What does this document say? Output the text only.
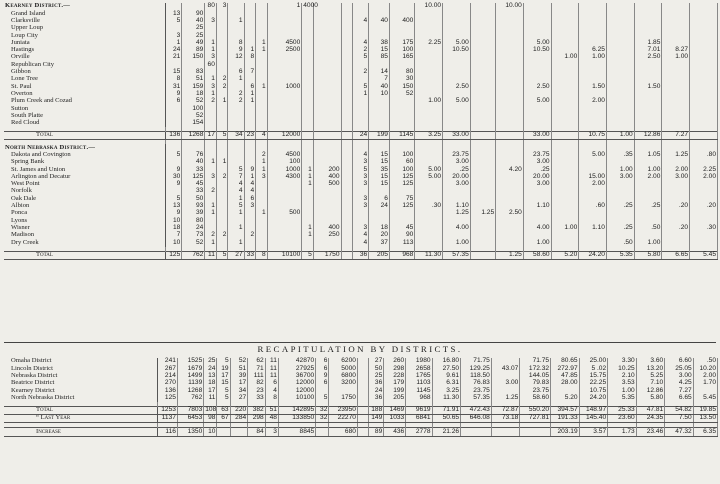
Kearney District.—			80	3				1	4000						10.00			10.00							
Grand Island	13	90																							
Clarksville	5	40	3		1							4	40	400											
Upper Loup		25																							
Loup City	3	25																							
Juniata	1	49	1		8		1	4500				4	38	175	2.25	5.00			5.00				1.85		
Hastings	24	89	1		9	1	1	2500				2	15	100		10.50			10.50		6.25		7.01	8.27	
Orville	21	150	3		12	8						5	85	165						1.00	1.00		2.50	1.00	
Republican City			60																						
Gibbon	15	83			6	7						2	14	80											
Lone Tree	8	51	1	2	1								7	30											
St. Paul	31	159	3	2		6	1	1000				5	40	150		2.50			2.50		1.50		1.50		
Overton	9	18	1		2	1						1	10	52											
Plum Creek and Cozad	6	52	2	1	2	1									1.00	5.00			5.00		2.00				
Sutton		100																							
South Platte		52																							
Red Cloud		154																							

Total	136	1268	17	5	34	23	4	12000				24	199	1145	3.25	33.00			33.00		10.75	1.00	12.86	7.27	

North Nebraska District.—																									
Dakota and Covington	5	76					2	4500				4	15	100		23.75			23.75		5.00	.35	1.05	1.25	.80
Spring Bank		40	1	1			1	100				3	15	60		3.00			3.00						
St. James and Union	9	33			5	9	1	1000	1	200		5	35	100	5.00	.25		4.20	.25			1.00	1.00	2.00	2.25
Arlington and Decatur	30	125	3	2	7	1	3	4300	1	400		3	15	125	5.00	20.00			20.00		15.00	3.00	2.00	3.00	2.00
West Point	9	45			4	4			1	500		3	15	125		3.00			3.00		2.00				
Norfolk		33	2		4	4																			
Oak Dale	5	50			1	6						3	6	75											
Albion	13	93	1		5	3						3	24	125	.30	1.10			1.10		.60	.25	.25	.20	.20
Ponca	9	39	1		1		1	500								1.25	1.25	2.50							
Lyons	10	80																							
Wisner	18	24			1				1	400		3	18	45		4.00			4.00	1.00	1.10	.25	.50	.20	.30
Madison	7	73	2	2		2			1	250		4	20	90											
Dry Creek	10	52	1		1							4	37	113		1.00			1.00			.50	1.00		

Total	125	762	11	5	27	33	8	10100	5	1750		36	205	968	11.30	57.35		1.25	58.60	5.20	24.20	5.35	5.80	6.65	5.45
RECAPITULATION BY DISTRICTS.
Omaha District	241	1525	25	5	52	62	11	42870	6	6200		27	260	1980	16.80	71.75		71.75	80.65	25.00	3.30	3.60	6.60	.50
Lincoln District	267	1679	24	19	51	71	11	27925	6	5000		50	298	2658	27.50	129.25	43.07	172.32	272.97	5 .02	10.25	13.20	25.05	10.20
Nebraska District	214	1499	13	17	39	111	11	36700	9	6800		25	228	1765	9.61	118.50		144.05	47.85	15.75	2.10	5.25	3.00	2.00
Beatrice District	270	1139	18	15	17	82	6	12000	6	3200		36	179	1103	6.31	76.83	3.00	79.83	28.00	22.25	3.53	7.10	4.25	1.70
Kearney District	136	1268	17	5	34	23	4	12000				24	199	1145	3.25	23.75		23.75		10.75	1.00	12.86	7.27	
North Nebraska District	125	762	11	5	27	33	8	10100	5	1750		36	205	968	11.30	57.35	1.25	58.60	5.20	24.20	5.35	5.80	6.65	5.45

Total	1253	7803	108	63	220	382	51	142895	32	23950		188	1469	9619	71.91	472.43	72.87	550.20	394.57	148.97	25.33	47.81	54.82	19.85
“ Last Year	1137	6453	98	67	284	298	48	133850	32	22270		149	1033	6841	50.65	646.08	73.18	727.81	191.33	145.40	23.60	24.35	7.50	13.50

Increase	116	1350	10			84	3	8845		680		89	436	2778	21.26				203.19	3.57	1.73	23.46	47.32	6.35
